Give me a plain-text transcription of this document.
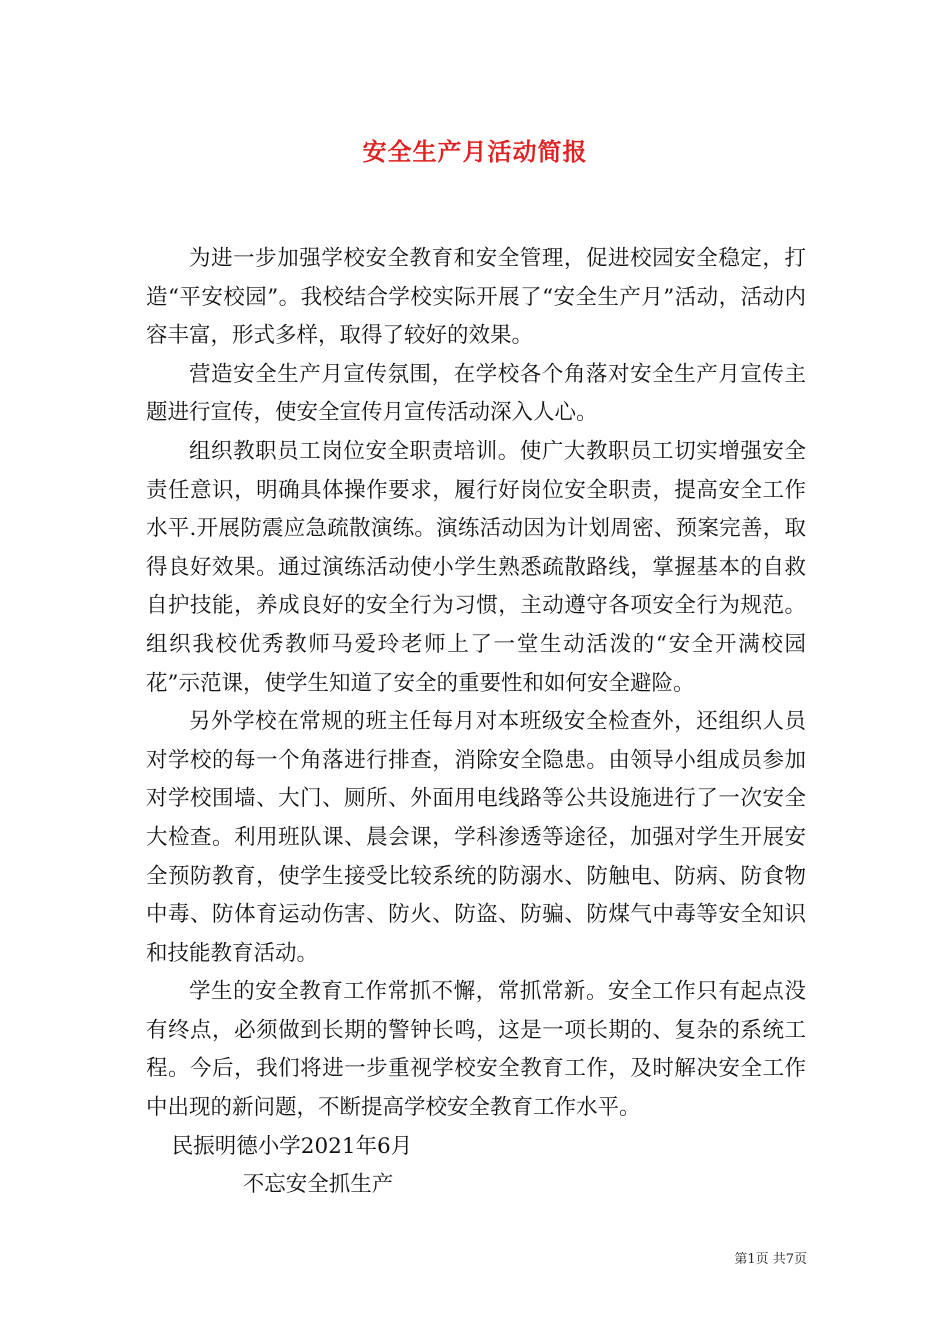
安全生产月活动简报

为进一步加强学校安全教育和安全管理，促进校园安全稳定，打造“平安校园”。我校结合学校实际开展了“安全生产月”活动，活动内容丰富，形式多样，取得了较好的效果。

营造安全生产月宣传氛围，在学校各个角落对安全生产月宣传主题进行宣传，使安全宣传月宣传活动深入人心。

组织教职员工岗位安全职责培训。使广大教职员工切实增强安全责任意识，明确具体操作要求，履行好岗位安全职责，提高安全工作水平.开展防震应急疏散演练。演练活动因为计划周密、预案完善，取得良好效果。通过演练活动使小学生熟悉疏散路线，掌握基本的自救自护技能，养成良好的安全行为习惯，主动遵守各项安全行为规范。组织我校优秀教师马爱玲老师上了一堂生动活泼的“安全开满校园花”示范课，使学生知道了安全的重要性和如何安全避险。

另外学校在常规的班主任每月对本班级安全检查外，还组织人员对学校的每一个角落进行排查，消除安全隐患。由领导小组成员参加对学校围墙、大门、厕所、外面用电线路等公共设施进行了一次安全大检查。利用班队课、晨会课，学科渗透等途径，加强对学生开展安全预防教育，使学生接受比较系统的防溺水、防触电、防病、防食物中毒、防体育运动伤害、防火、防盗、防骗、防煤气中毒等安全知识和技能教育活动。

学生的安全教育工作常抓不懈，常抓常新。安全工作只有起点没有终点，必须做到长期的警钟长鸣，这是一项长期的、复杂的系统工程。今后，我们将进一步重视学校安全教育工作，及时解决安全工作中出现的新问题，不断提高学校安全教育工作水平。

民振明德小学2021年6月

不忘安全抓生产

第1页 共7页
